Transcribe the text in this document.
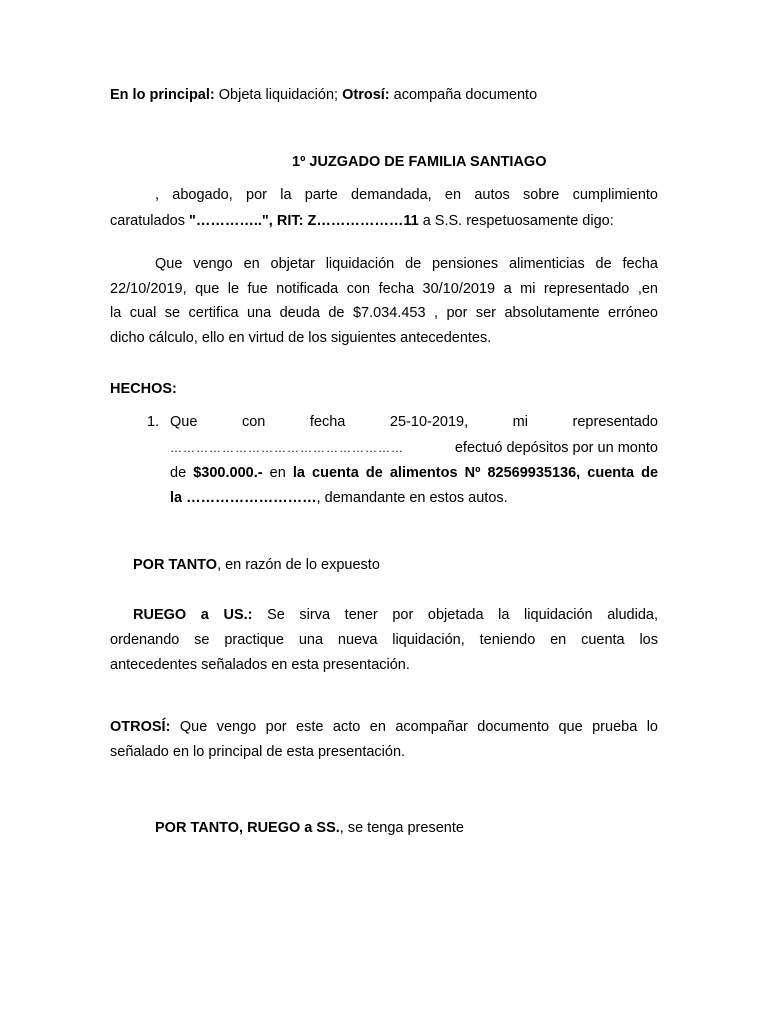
En lo principal: Objeta liquidación; Otrosí: acompaña documento
1º JUZGADO DE FAMILIA SANTIAGO
, abogado, por la parte demandada, en autos sobre cumplimiento
caratulados "…………..", RIT: Z………………11 a S.S. respetuosamente digo:
Que vengo en objetar liquidación de pensiones alimenticias de fecha
22/10/2019, que le fue notificada con fecha 30/10/2019 a mi representado ,en
la cual se certifica una deuda de $7.034.453 , por ser absolutamente erróneo
dicho cálculo, ello en virtud de los siguientes antecedentes.
HECHOS:
1. Que con fecha 25-10-2019, mi representado
………………………………………………	efectuó depósitos por un monto
de $300.000.- en la cuenta de alimentos Nº 82569935136, cuenta de
la ………………………, demandante en estos autos.
POR TANTO, en razón de lo expuesto
RUEGO a US.: Se sirva tener por objetada la liquidación aludida,
ordenando se practique una nueva liquidación, teniendo en cuenta los
antecedentes señalados en esta presentación.
OTROSÍ: Que vengo por este acto en acompañar documento que prueba lo
señalado en lo principal de esta presentación.
POR TANTO, RUEGO a SS., se tenga presente
